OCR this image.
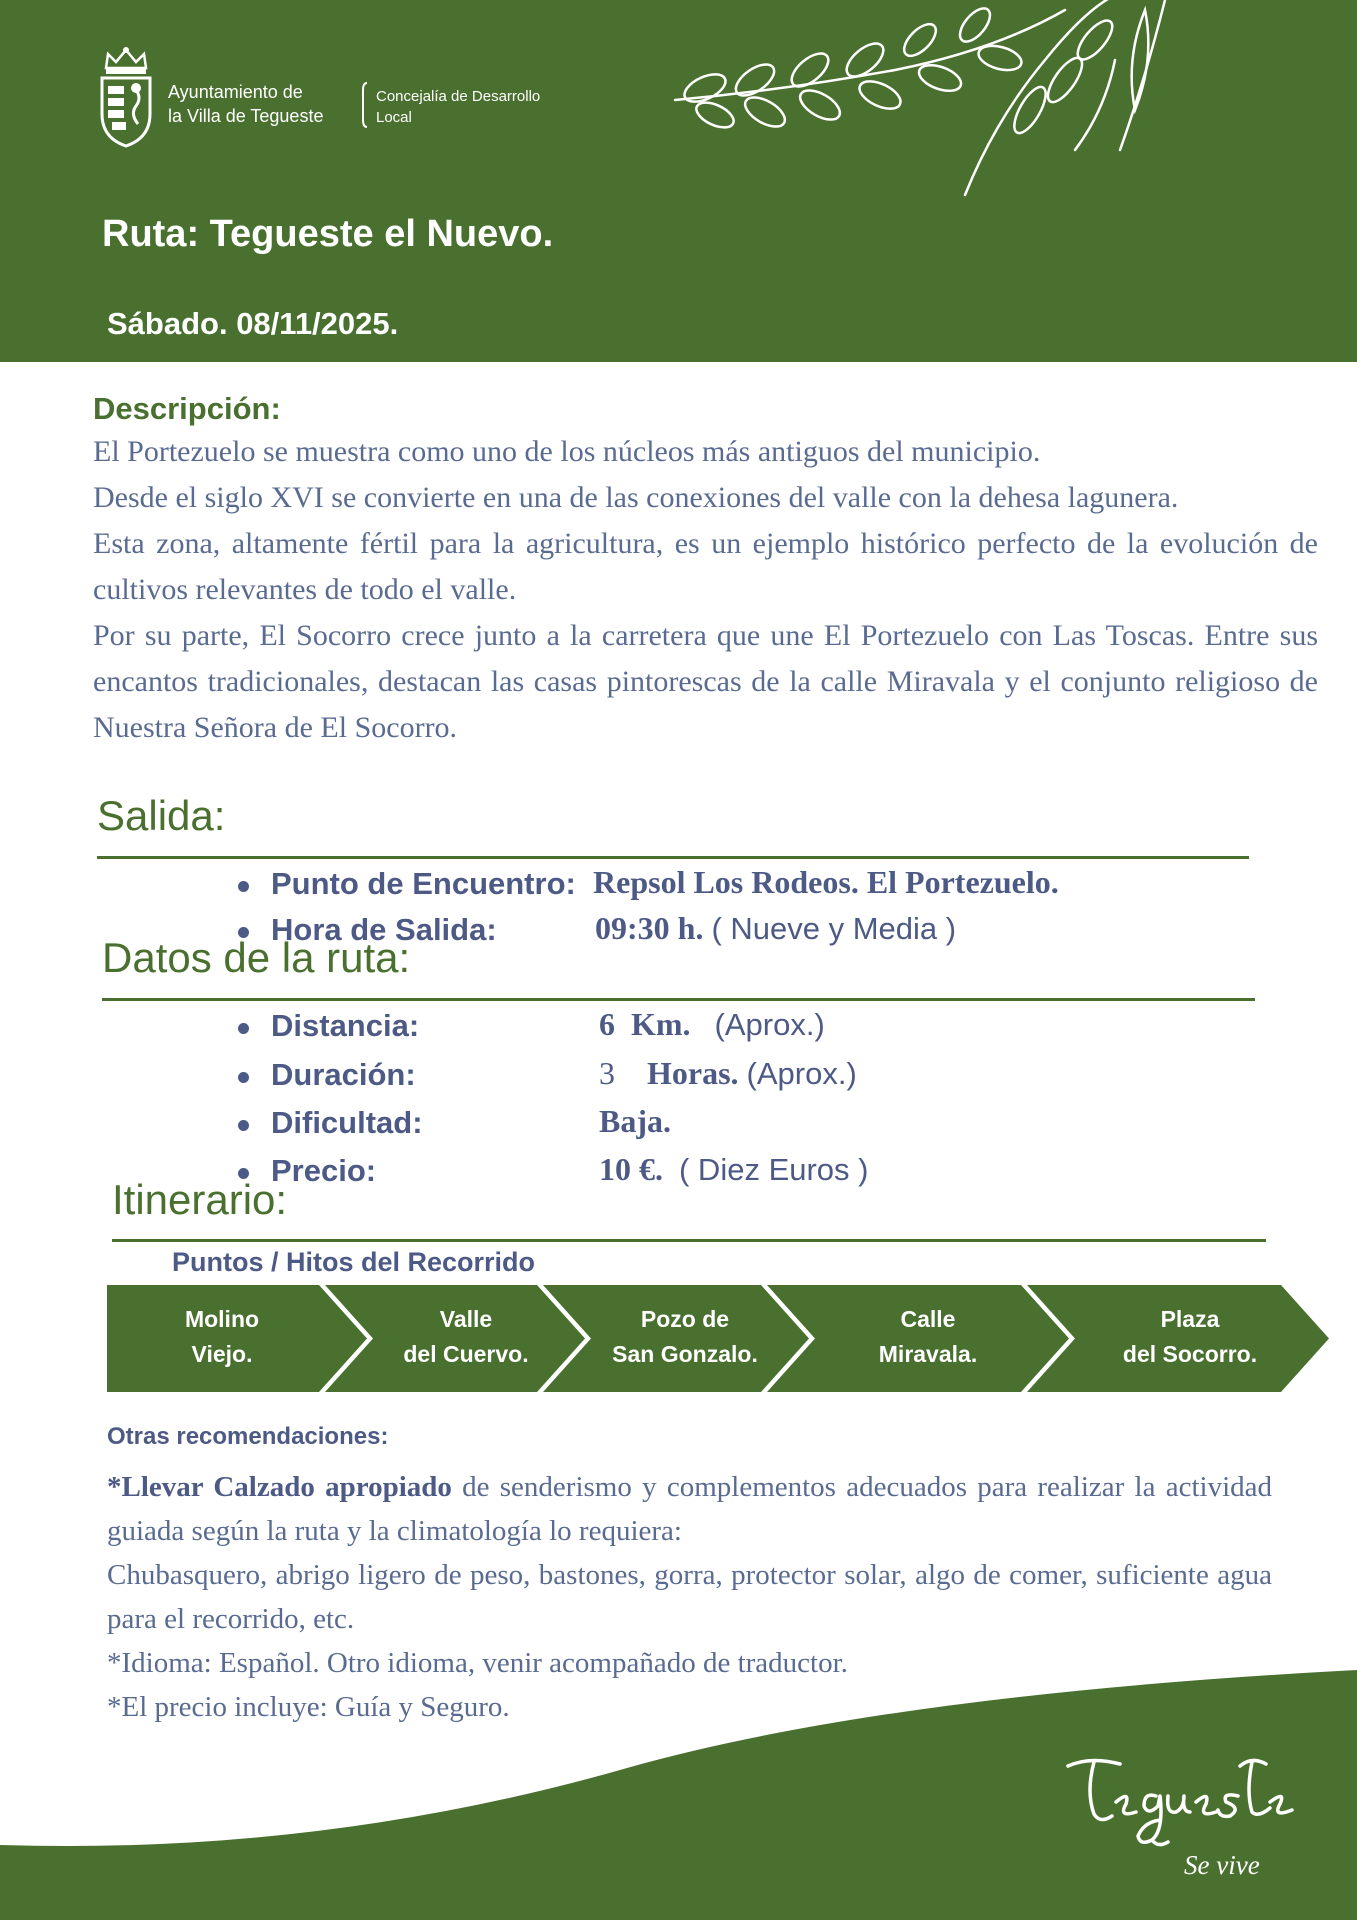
Ayuntamiento de
la Villa de Tegueste
Concejalía de Desarrollo
Local
Ruta: Tegueste el Nuevo.
Sábado. 08/11/2025.
Descripción:

El Portezuelo se muestra como uno de los núcleos más antiguos del municipio.

Desde el siglo XVI se convierte en una de las conexiones del valle con la dehesa lagunera.

Esta zona, altamente fértil para la agricultura, es un ejemplo histórico perfecto de la evolución de cultivos relevantes de todo el valle.

Por su parte, El Socorro crece junto a la carretera que une El Portezuelo con Las Toscas. Entre sus encantos tradicionales, destacan las casas pintorescas de la calle Miravala y el conjunto religioso de Nuestra Señora de El Socorro.

Salida:
Punto de Encuentro: Repsol Los Rodeos. El Portezuelo.
Hora de Salida:	09:30 h. ( Nueve y Media )
Datos de la ruta:
Distancia:	6 Km. (Aprox.)
Duración:	3 Horas. (Aprox.)
Dificultad:	Baja.
Precio:	10 €. ( Diez Euros )
Itinerario:
Puntos / Hitos del Recorrido
Molino
Viejo.
Valle
del Cuervo.
Pozo de
San Gonzalo.
Calle
Miravala.
Plaza
del Socorro.
Otras recomendaciones:

*Llevar Calzado apropiado de senderismo y complementos adecuados para realizar la actividad guiada según la ruta y la climatología lo requiera:

Chubasquero, abrigo ligero de peso, bastones, gorra, protector solar, algo de comer, suficiente agua para el recorrido, etc.

*Idioma: Español. Otro idioma, venir acompañado de traductor.

*El precio incluye: Guía y Seguro.

Tegueste Se vive
